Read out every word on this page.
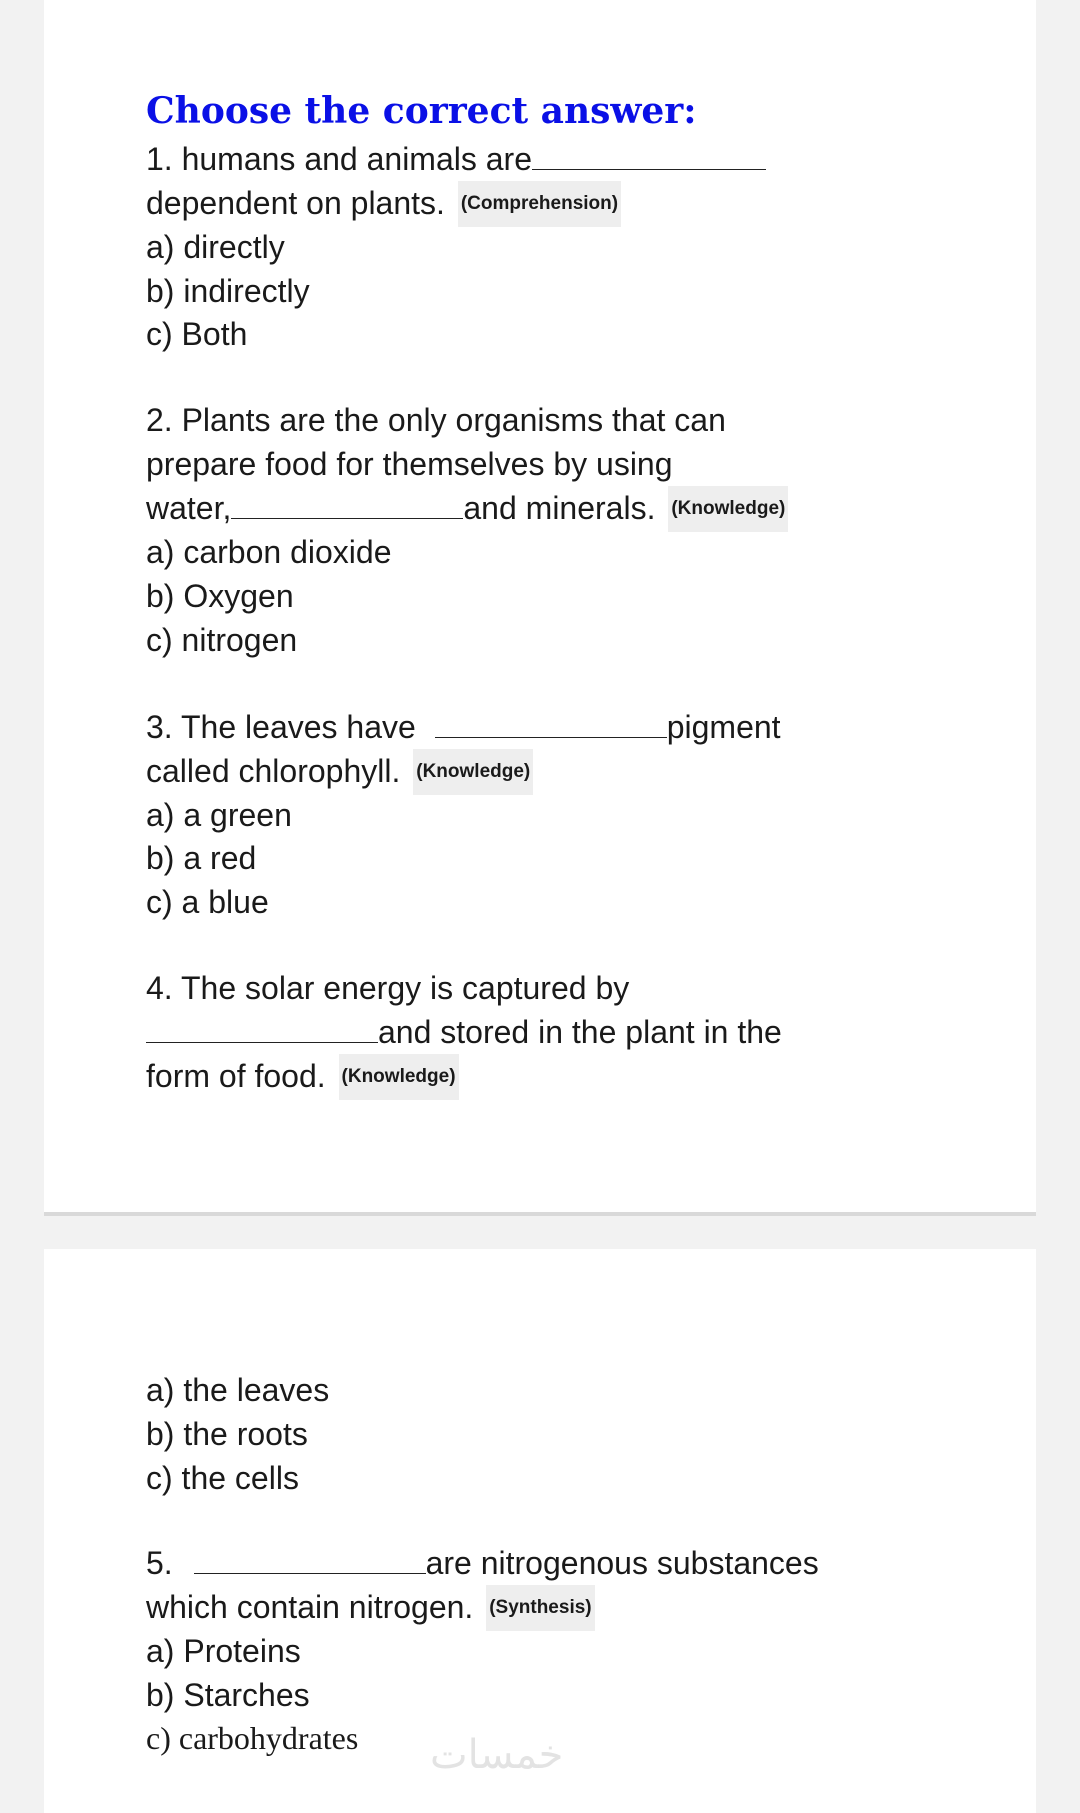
Choose the correct answer:
1. humans and animals are
dependent on plants. (Comprehension)
a) directly
b) indirectly
c) Both
2. Plants are the only organisms that can
prepare food for themselves by using
water,	and minerals. (Knowledge)
a) carbon dioxide
b) Oxygen
c) nitrogen
3. The leaves have	pigment
called chlorophyll. (Knowledge)
a) a green
b) a red
c) a blue
4. The solar energy is captured by
and stored in the plant in the
form of food. (Knowledge)
a) the leaves
b) the roots
c) the cells
5.	are nitrogenous substances
which contain nitrogen. (Synthesis)
a) Proteins
b) Starches
c) carbohydrates خمسات
